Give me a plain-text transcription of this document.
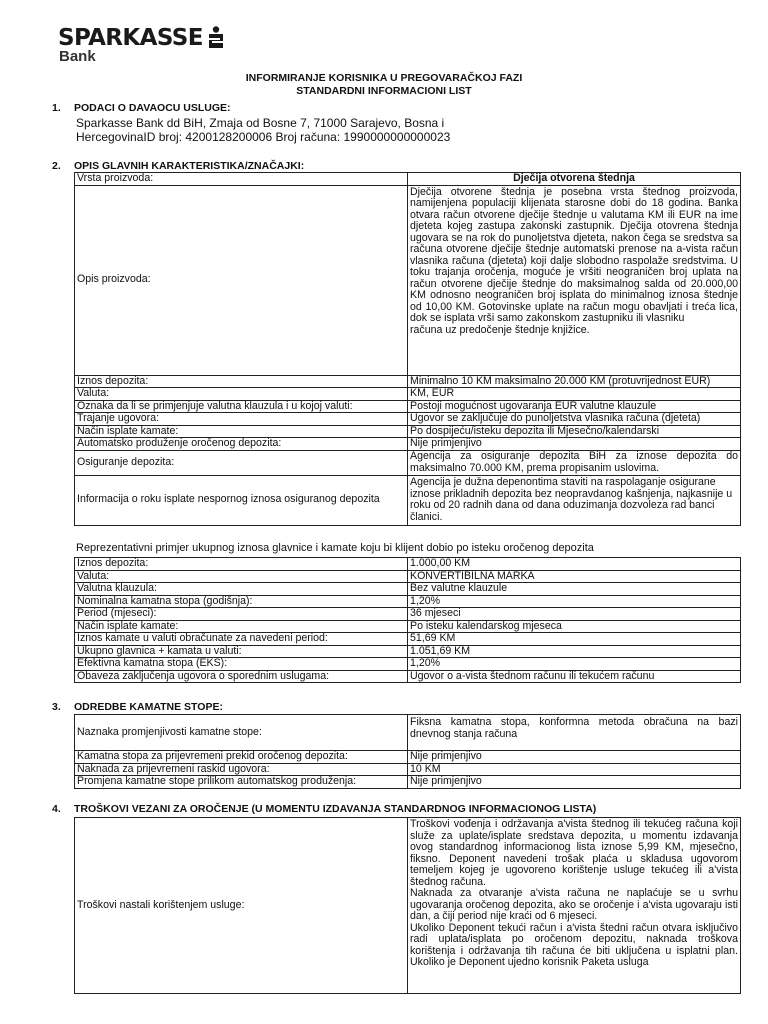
SPARKASSE
Bank
INFORMIRANJE KORISNIKA U PREGOVARAČKOJ FAZI
STANDARDNI INFORMACIONI LIST
1. PODACI O DAVAOCU USLUGE:
Sparkasse Bank dd BiH, Zmaja od Bosne 7, 71000 Sarajevo, Bosna i
HercegovinaID broj: 4200128200006 Broj računa: 1990000000000023
2. OPIS GLAVNIH KARAKTERISTIKA/ZNAČAJKI:
Vrsta proizvoda:	Dječija otvorena štednja
Opis proizvoda:	Dječija otvorene štednja je posebna vrsta štednog proizvoda, namijenjena populaciji klijenata starosne dobi do 18 godina. Banka otvara račun otvorene dječije štednje u valutama KM ili EUR na ime djeteta kojeg zastupa zakonski zastupnik. Dječija otovrena štednja ugovara se na rok do punoljetstva djeteta, nakon čega se sredstva sa računa otvorene dječije štednje automatski prenose na a-vista račun vlasnika računa (djeteta) koji dalje slobodno raspolaže sredstvima. U toku trajanja oročenja, moguće je vršiti neograničen broj uplata na račun otvorene dječije štednje do maksimalnog salda od 20.000,00 KM odnosno neograničen broj isplata do minimalnog iznosa štednje od 10,00 KM. Gotovinske uplate na račun mogu obavljati i treća lica, dok se isplata vrši samo zakonskom zastupniku ili vlasniku
računa uz predočenje štednje knjižice.

Iznos depozita:	Minimalno 10 KM maksimalno 20.000 KM (protuvrijednost EUR)
Valuta:	KM, EUR
Oznaka da li se primjenjuje valutna klauzula i u kojoj valuti:	Postoji mogućnost ugovaranja EUR valutne klauzule
Trajanje ugovora:	Ugovor se zaključuje do punoljetstva vlasnika računa (djeteta)
Način isplate kamate:	Po dospijeću/isteku depozita ili Mjesečno/kalendarski
Automatsko produženje oročenog depozita:	Nije primjenjivo
Osiguranje depozita:	Agencija za osiguranje depozita BiH za iznose depozita do maksimalno 70.000 KM, prema propisanim uslovima.
Informacija o roku isplate nespornog iznosa osiguranog depozita	Agencija je dužna depenontima staviti na raspolaganje osigurane iznose prikladnih depozita bez neopravdanog kašnjenja, najkasnije u roku od 20 radnih dana od dana oduzimanja dozvoleza rad banci članici.
Reprezentativni primjer ukupnog iznosa glavnice i kamate koju bi klijent dobio po isteku oročenog depozita
Iznos depozita:	1.000,00 KM
Valuta:	KONVERTIBILNA MARKA
Valutna klauzula:	Bez valutne klauzule
Nominalna kamatna stopa (godišnja):	1,20%
Period (mjeseci):	36 mjeseci
Način isplate kamate:	Po isteku kalendarskog mjeseca
Iznos kamate u valuti obračunate za navedeni period:	51,69 KM
Ukupno glavnica + kamata u valuti:	1.051,69 KM
Efektivna kamatna stopa (EKS):	1,20%
Obaveza zaključenja ugovora o sporednim uslugama:	Ugovor o a-vista štednom računu ili tekućem računu
3. ODREDBE KAMATNE STOPE:
Naznaka promjenjivosti kamatne stope:	Fiksna kamatna stopa, konformna metoda obračuna na bazi
dnevnog stanja računa

Kamatna stopa za prijevremeni prekid oročenog depozita:	Nije primjenjivo
Naknada za prijevremeni raskid ugovora:	10 KM
Promjena kamatne stope prilikom automatskog produženja:	Nije primjenjivo
4. TROŠKOVI VEZANI ZA OROČENJE (U MOMENTU IZDAVANJA STANDARDNOG INFORMACIONOG LISTA)
Troškovi nastali korištenjem usluge:	
Troškovi vođenja i održavanja a'vista štednog ili tekućeg računa koji služe za uplate/isplate sredstava depozita, u momentu izdavanja ovog standardnog informacionog lista iznose 5,99 KM, mjesečno, fiksno. Deponent navedeni trošak plaća u skladusa ugovorom temeljem kojeg je ugovoreno korištenje usluge tekućeg ili a'vista štednog računa.
Naknada za otvaranje a'vista računa ne naplaćuje se u svrhu ugovaranja oročenog depozita, ako se oročenje i a'vista ugovaraju isti dan, a čiji period nije kraći od 6 mjeseci.
Ukoliko Deponent tekući račun i a'vista štedni račun otvara isključivo radi uplata/isplata po oročenom depozitu, naknada troškova korištenja i održavanja tih računa će biti uključena u isplatni plan. Ukoliko je Deponent ujedno korisnik Paketa usluga
